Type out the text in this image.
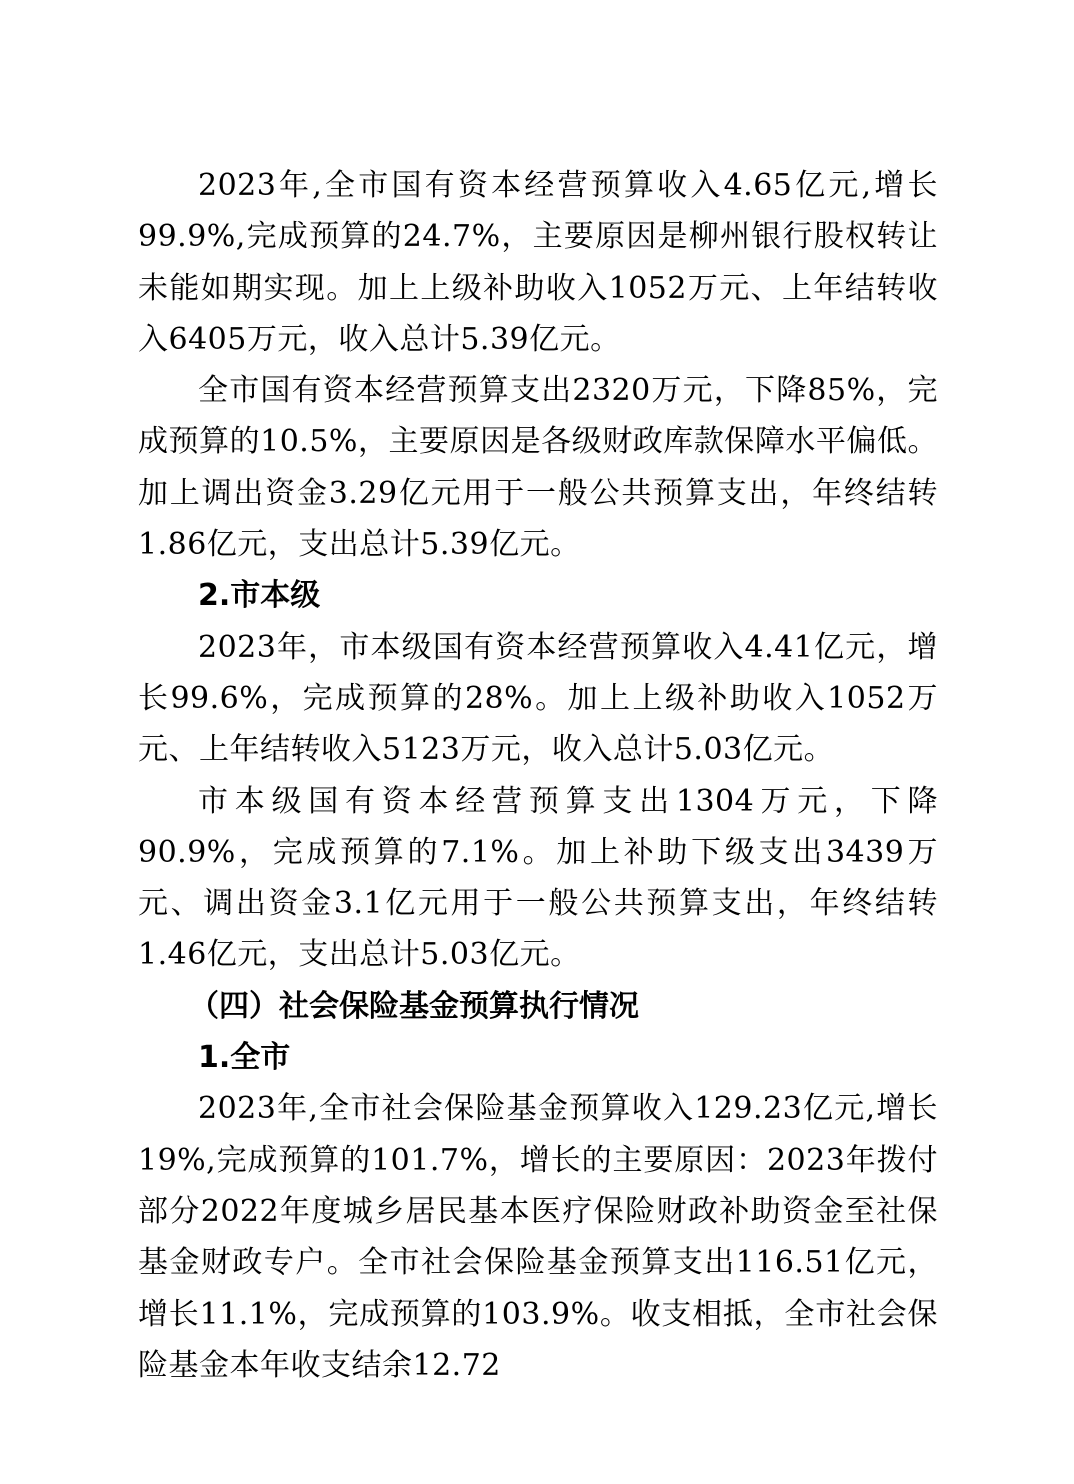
2023年,全市国有资本经营预算收入4.65亿元,增长99.9%,完成预算的24.7%，主要原因是柳州银行股权转让未能如期实现。加上上级补助收入1052万元、上年结转收入6405万元，收入总计5.39亿元。

全市国有资本经营预算支出2320万元，下降85%，完成预算的10.5%，主要原因是各级财政库款保障水平偏低。加上调出资金3.29亿元用于一般公共预算支出，年终结转1.86亿元，支出总计5.39亿元。

2.市本级

2023年，市本级国有资本经营预算收入4.41亿元，增长99.6%，完成预算的28%。加上上级补助收入1052万元、上年结转收入5123万元，收入总计5.03亿元。

市本级国有资本经营预算支出1304万元，下降90.9%，完成预算的7.1%。加上补助下级支出3439万元、调出资金3.1亿元用于一般公共预算支出，年终结转1.46亿元，支出总计5.03亿元。

（四）社会保险基金预算执行情况

1.全市

2023年,全市社会保险基金预算收入129.23亿元,增长19%,完成预算的101.7%，增长的主要原因：2023年拨付部分2022年度城乡居民基本医疗保险财政补助资金至社保基金财政专户。全市社会保险基金预算支出116.51亿元，增长11.1%，完成预算的103.9%。收支相抵，全市社会保险基金本年收支结余12.72
